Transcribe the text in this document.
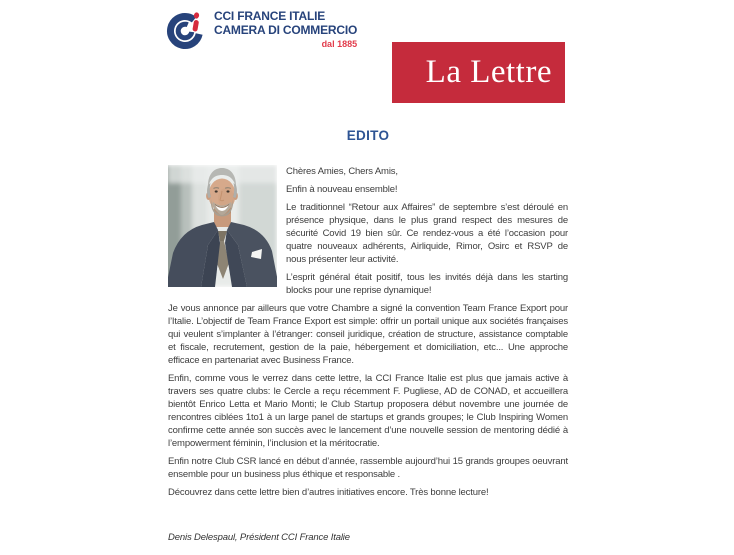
CCI FRANCE ITALIE
CAMERA DI COMMERCIO
dal 1885
La Lettre
EDITO

Chères Amies, Chers Amis,

Enfin à nouveau ensemble!

Le traditionnel “Retour aux Affaires” de septembre s’est déroulé en présence physique, dans le plus grand respect des mesures de sécurité Covid 19 bien sûr. Ce rendez-vous a été l’occasion pour quatre nouveaux adhérents, Airliquide, Rimor, Osirc et RSVP de nous présenter leur activité.

L’esprit général était positif, tous les invités déjà dans les starting blocks pour une reprise dynamique!

Je vous annonce par ailleurs que votre Chambre a signé la convention Team France Export pour l’Italie. L’objectif de Team France Export est simple: offrir un portail unique aux sociétés françaises qui veulent s’implanter à l’étranger: conseil juridique, création de structure, assistance comptable et fiscale, recrutement, gestion de la paie, hébergement et domiciliation, etc... Une approche efficace en partenariat avec Business France.

Enfin, comme vous le verrez dans cette lettre, la CCI France Italie est plus que jamais active à travers ses quatre clubs: le Cercle a reçu récemment F. Pugliese, AD de CONAD, et accueillera bientôt Enrico Letta et Mario Monti; le Club Startup proposera début novembre une journée de rencontres ciblées 1to1 à un large panel de startups et grands groupes; le Club Inspiring Women confirme cette année son succès avec le lancement d’une nouvelle session de mentoring dédié à l’empowerment féminin, l’inclusion et la méritocratie.

Enfin notre Club CSR lancé en début d’année, rassemble aujourd’hui 15 grands groupes oeuvrant ensemble pour un business plus éthique et responsable .

Découvrez dans cette lettre bien d’autres initiatives encore. Très bonne lecture!

Denis Delespaul, Président CCI France Italie
